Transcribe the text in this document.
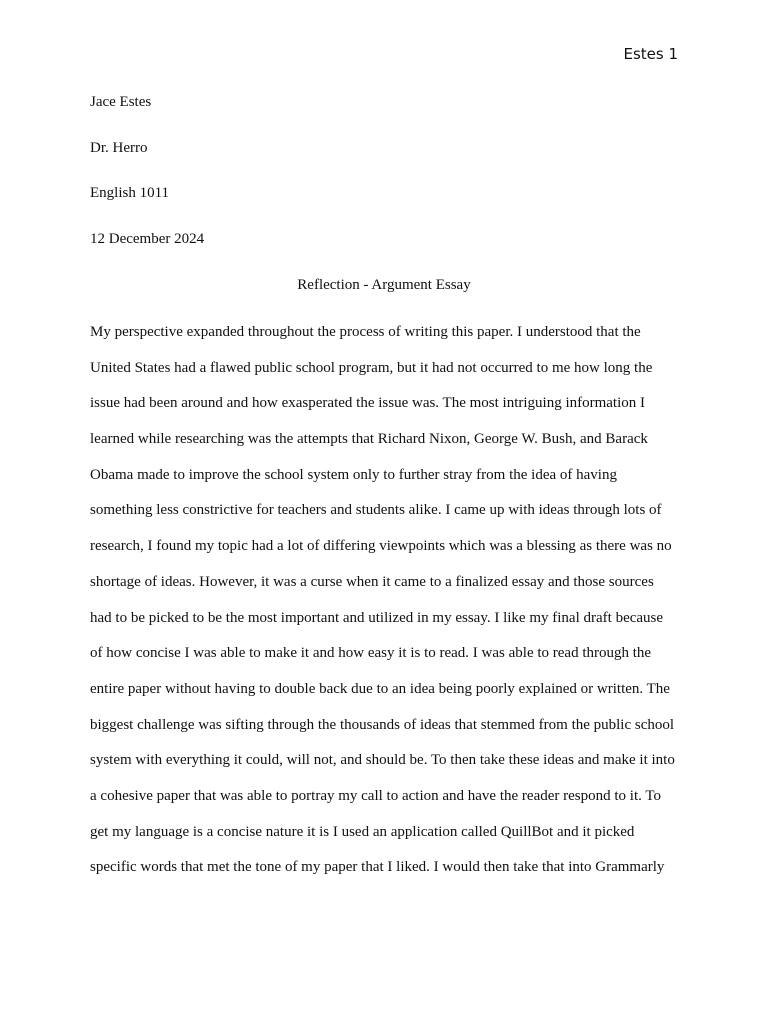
Estes 1
Jace Estes
Dr. Herro
English 1011
12 December 2024
Reflection - Argument Essay
My perspective expanded throughout the process of writing this paper. I understood that the
United States had a flawed public school program, but it had not occurred to me how long the
issue had been around and how exasperated the issue was. The most intriguing information I
learned while researching was the attempts that Richard Nixon, George W. Bush, and Barack
Obama made to improve the school system only to further stray from the idea of having
something less constrictive for teachers and students alike. I came up with ideas through lots of
research, I found my topic had a lot of differing viewpoints which was a blessing as there was no
shortage of ideas. However, it was a curse when it came to a finalized essay and those sources
had to be picked to be the most important and utilized in my essay. I like my final draft because
of how concise I was able to make it and how easy it is to read. I was able to read through the
entire paper without having to double back due to an idea being poorly explained or written. The
biggest challenge was sifting through the thousands of ideas that stemmed from the public school
system with everything it could, will not, and should be. To then take these ideas and make it into
a cohesive paper that was able to portray my call to action and have the reader respond to it. To
get my language is a concise nature it is I used an application called QuillBot and it picked
specific words that met the tone of my paper that I liked. I would then take that into Grammarly
